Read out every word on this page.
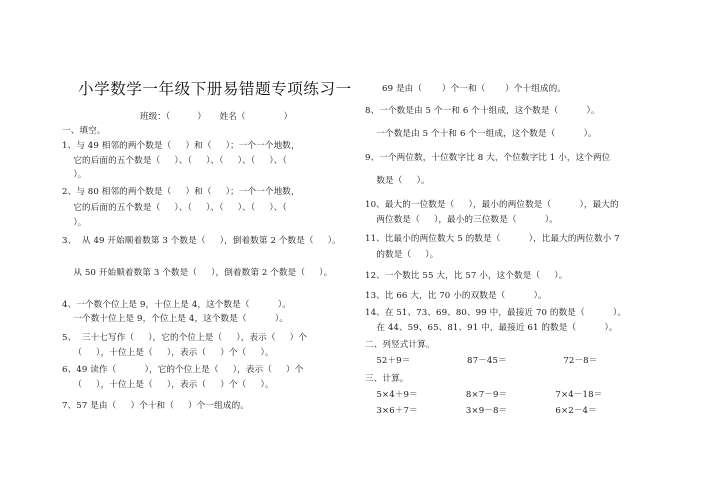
小学数学一年级下册易错题专项练习一
班级：（          ）     姓名（              ）
一、填空。
1、与 49 相邻的两个数是（     ）和（     ）；一个一个地数，
它的后面的五个数是（     ）、（     ）、（     ）、（     ）、（
）。
2、与 80 相邻的两个数是（     ）和（     ）；一个一个地数，
它的后面的五个数是（     ）、（     ）、（     ）、（     ）、（
）。
3、  从 49 开始顺着数第 3 个数是（     ），倒着数第 2 个数是（     ）。
从 50 开始顺着数第 3 个数是（     ），倒着数第 2 个数是（     ）。
4、一个数个位上是 9，十位上是 4，这个数是（          ）。
一个数十位上是 9，个位上是 4，这个数是（          ）。
5、  三十七写作（     ），它的个位上是（     ），表示（     ）个
（     ），十位上是（     ），表示（     ）个（     ）。
6、49 读作（          ），它的个位上是（     ），表示（     ）个
（     ），十位上是（     ），表示（     ）个（     ）。
7、57 是由（     ）个十和（     ）个一组成的。
69 是由（       ）个一和（       ）个十组成的。
8、一个数是由 5 个一和 6 个十组成，这个数是（          ）。
一个数是由 5 个十和 6 个一组成，这个数是（          ）。
9、一个两位数，十位数字比 8 大，个位数字比 1 小，这个两位
数是（     ）。
10、最大的一位数是（     ），最小的两位数是（          ），最大的
两位数是（     ），最小的三位数是（          ）。
11、比最小的两位数大 5 的数是（          ），比最大的两位数小 7
的数是（     ）。
12、一个数比 55 大，比 57 小，这个数是（     ）。
13、比 66 大，比 70 小的双数是（          ）。
14、在 51、73、69、80、99 中，最接近 70 的数是（          ）。
在 44、59、65、81、91 中，最接近 61 的数是（          ）。
二、列竖式计算。
52＋9＝                    87－45＝                    72－8＝
三、计算。
5×4＋9＝                 8×7－9＝                 7×4－18＝
3×6＋7＝                 3×9－8＝                 6×2－4＝
